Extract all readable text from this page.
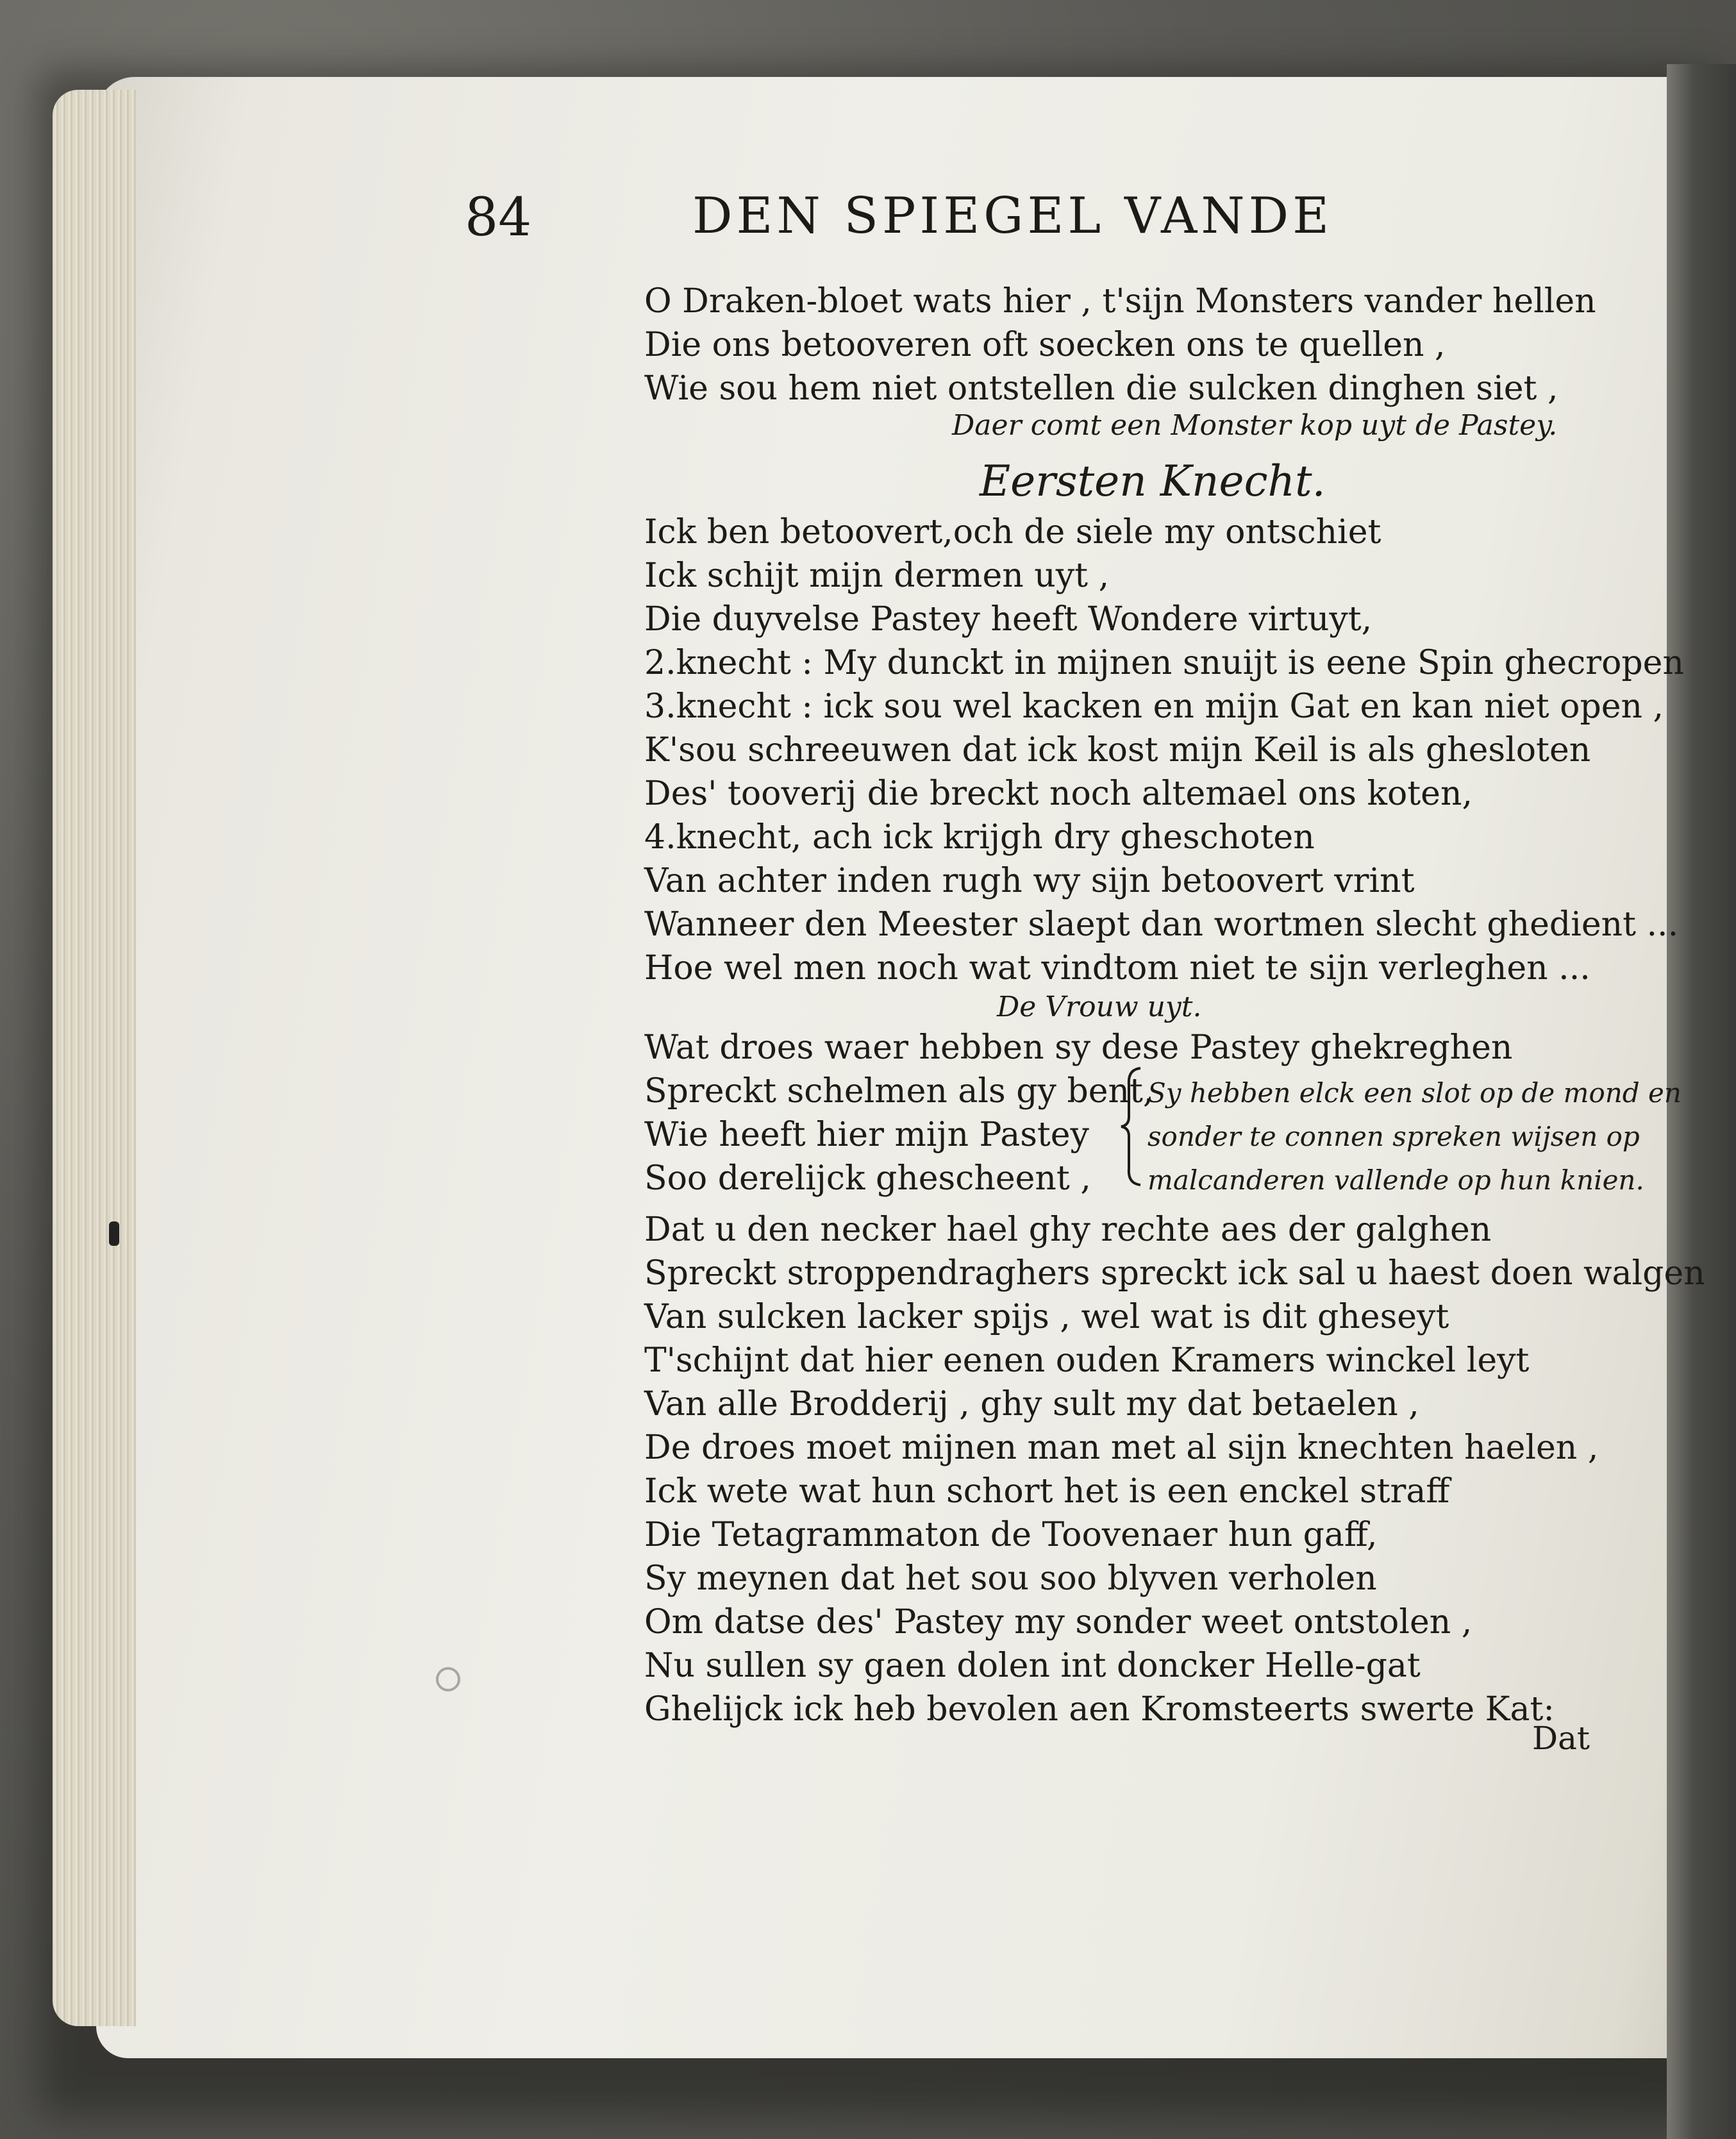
84	DEN SPIEGEL VANDE
O Draken-bloet wats hier , t'sijn Monsters vander hellen
Die ons betooveren oft soecken ons te quellen ,
Wie sou hem niet ontstellen die sulcken dinghen siet ,
Daer comt een Monster kop uyt de Pastey.
Eersten Knecht.
Ick ben betoovert,och de siele my ontschiet
Ick schijt mijn dermen uyt ,
Die duyvelse Pastey heeft Wondere virtuyt,
2.knecht : My dunckt in mijnen snuijt is eene Spin ghecropen
3.knecht : ick sou wel kacken en mijn Gat en kan niet open ,
K'sou schreeuwen dat ick kost mijn Keil is als ghesloten
Des' tooverij die breckt noch altemael ons koten,
4.knecht, ach ick krijgh dry gheschoten
Van achter inden rugh wy sijn betoovert vrint
Wanneer den Meester slaept dan wortmen slecht ghedient ...
Hoe wel men noch wat vindtom niet te sijn verleghen ...
De Vrouw uyt.
Wat droes waer hebben sy dese Pastey ghekreghen
Spreckt schelmen als gy bent,
Wie heeft hier mijn Pastey
Soo derelijck ghescheent ,
Sy hebben elck een slot op de mond en
sonder te connen spreken wijsen op
malcanderen vallende op hun knien.
Dat u den necker hael ghy rechte aes der galghen
Spreckt stroppendraghers spreckt ick sal u haest doen walgen
Van sulcken lacker spijs , wel wat is dit gheseyt
T'schijnt dat hier eenen ouden Kramers winckel leyt
Van alle Brodderij , ghy sult my dat betaelen ,
De droes moet mijnen man met al sijn knechten haelen ,
Ick wete wat hun schort het is een enckel straff
Die Tetagrammaton de Toovenaer hun gaff,
Sy meynen dat het sou soo blyven verholen
Om datse des' Pastey my sonder weet ontstolen ,
Nu sullen sy gaen dolen int doncker Helle-gat
Ghelijck ick heb bevolen aen Kromsteerts swerte Kat:
Dat
